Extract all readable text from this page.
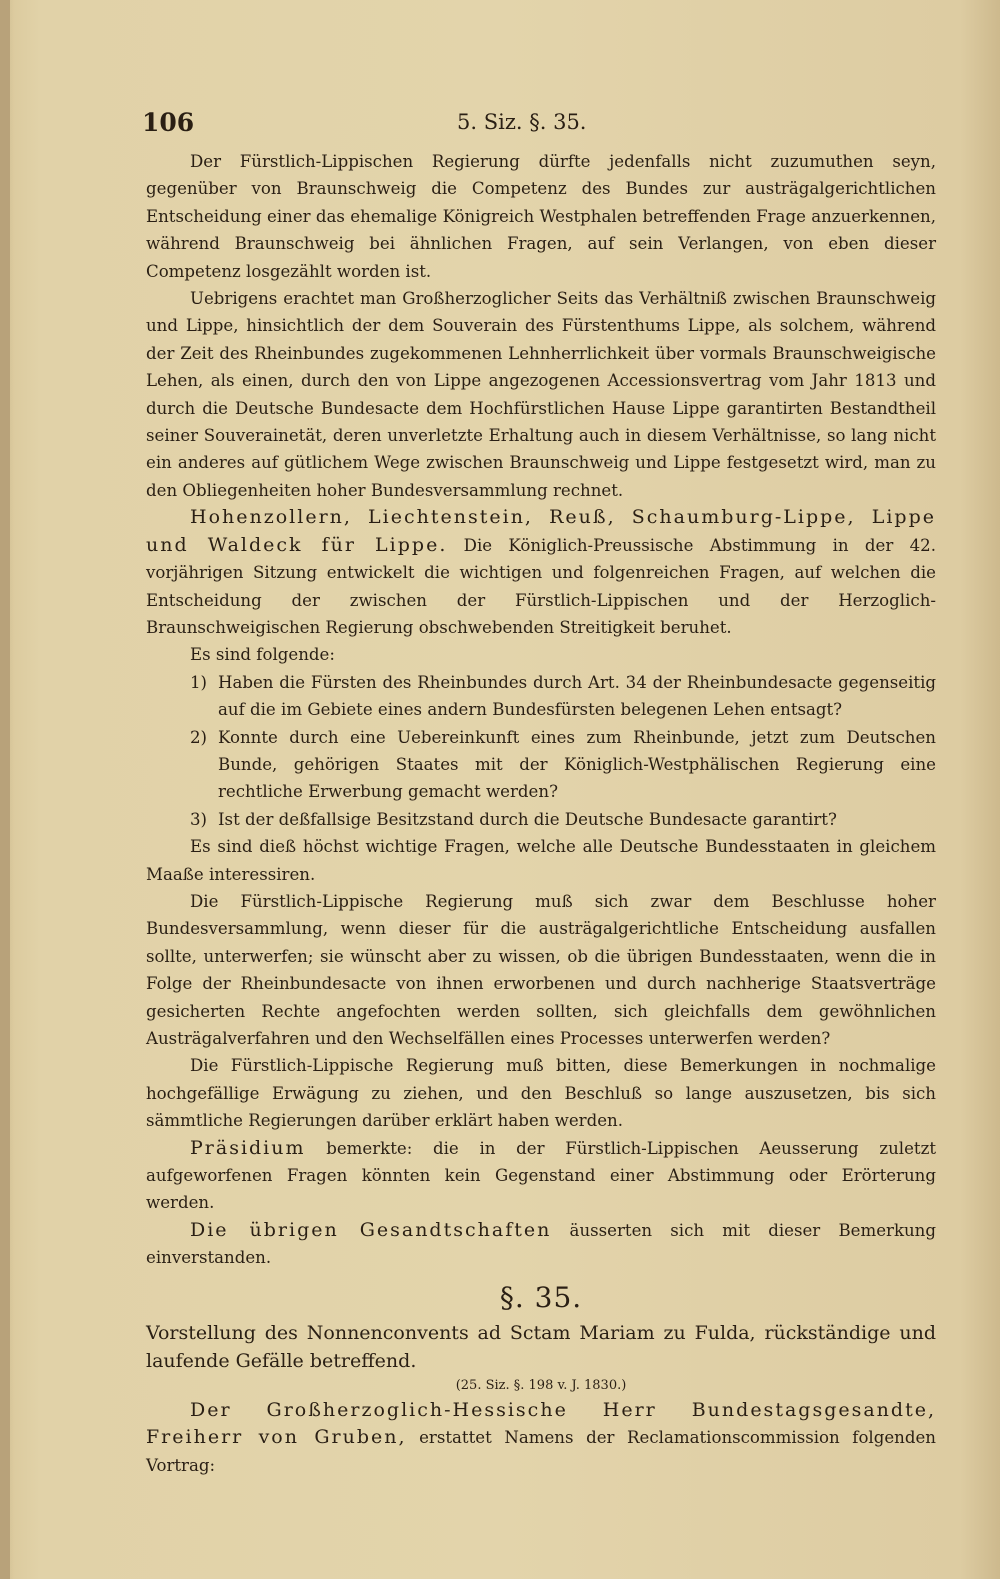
106	5. Siz. §. 35.

Der Fürstlich-Lippischen Regierung dürfte jedenfalls nicht zuzumuthen seyn, gegenüber von Braunschweig die Competenz des Bundes zur austrägalgerichtlichen Entscheidung einer das ehemalige Königreich Westphalen betreffenden Frage anzuerkennen, während Braunschweig bei ähnlichen Fragen, auf sein Verlangen, von eben dieser Competenz losgezählt worden ist.

Uebrigens erachtet man Großherzoglicher Seits das Verhältniß zwischen Braunschweig und Lippe, hinsichtlich der dem Souverain des Fürstenthums Lippe, als solchem, während der Zeit des Rheinbundes zugekommenen Lehnherrlichkeit über vormals Braunschweigische Lehen, als einen, durch den von Lippe angezogenen Accessionsvertrag vom Jahr 1813 und durch die Deutsche Bundesacte dem Hochfürstlichen Hause Lippe garantirten Bestandtheil seiner Souverainetät, deren unverletzte Erhaltung auch in diesem Verhältnisse, so lang nicht ein anderes auf gütlichem Wege zwischen Braunschweig und Lippe festgesetzt wird, man zu den Obliegenheiten hoher Bundesversammlung rechnet.

Hohenzollern, Liechtenstein, Reuß, Schaumburg-Lippe, Lippe und Waldeck für Lippe. Die Königlich-Preussische Abstimmung in der 42. vorjährigen Sitzung entwickelt die wichtigen und folgenreichen Fragen, auf welchen die Entscheidung der zwischen der Fürstlich-Lippischen und der Herzoglich-Braunschweigischen Regierung obschwebenden Streitigkeit beruhet.

Es sind folgende:

1) Haben die Fürsten des Rheinbundes durch Art. 34 der Rheinbundesacte gegenseitig auf die im Gebiete eines andern Bundesfürsten belegenen Lehen entsagt?
2) Konnte durch eine Uebereinkunft eines zum Rheinbunde, jetzt zum Deutschen Bunde, gehörigen Staates mit der Königlich-Westphälischen Regierung eine rechtliche Erwerbung gemacht werden?
3) Ist der deßfallsige Besitzstand durch die Deutsche Bundesacte garantirt?

Es sind dieß höchst wichtige Fragen, welche alle Deutsche Bundesstaaten in gleichem Maaße interessiren.

Die Fürstlich-Lippische Regierung muß sich zwar dem Beschlusse hoher Bundesversammlung, wenn dieser für die austrägalgerichtliche Entscheidung ausfallen sollte, unterwerfen; sie wünscht aber zu wissen, ob die übrigen Bundesstaaten, wenn die in Folge der Rheinbundesacte von ihnen erworbenen und durch nachherige Staatsverträge gesicherten Rechte angefochten werden sollten, sich gleichfalls dem gewöhnlichen Austrägalverfahren und den Wechselfällen eines Processes unterwerfen werden?

Die Fürstlich-Lippische Regierung muß bitten, diese Bemerkungen in nochmalige hochgefällige Erwägung zu ziehen, und den Beschluß so lange auszusetzen, bis sich sämmtliche Regierungen darüber erklärt haben werden.

Präsidium bemerkte: die in der Fürstlich-Lippischen Aeusserung zuletzt aufgeworfenen Fragen könnten kein Gegenstand einer Abstimmung oder Erörterung werden.

Die übrigen Gesandtschaften äusserten sich mit dieser Bemerkung einverstanden.

§. 35.

Vorstellung des Nonnenconvents ad Sctam Mariam zu Fulda, rückständige und laufende Gefälle betreffend.

(25. Siz. §. 198 v. J. 1830.)

Der Großherzoglich-Hessische Herr Bundestagsgesandte, Freiherr von Gruben, erstattet Namens der Reclamationscommission folgenden Vortrag:
